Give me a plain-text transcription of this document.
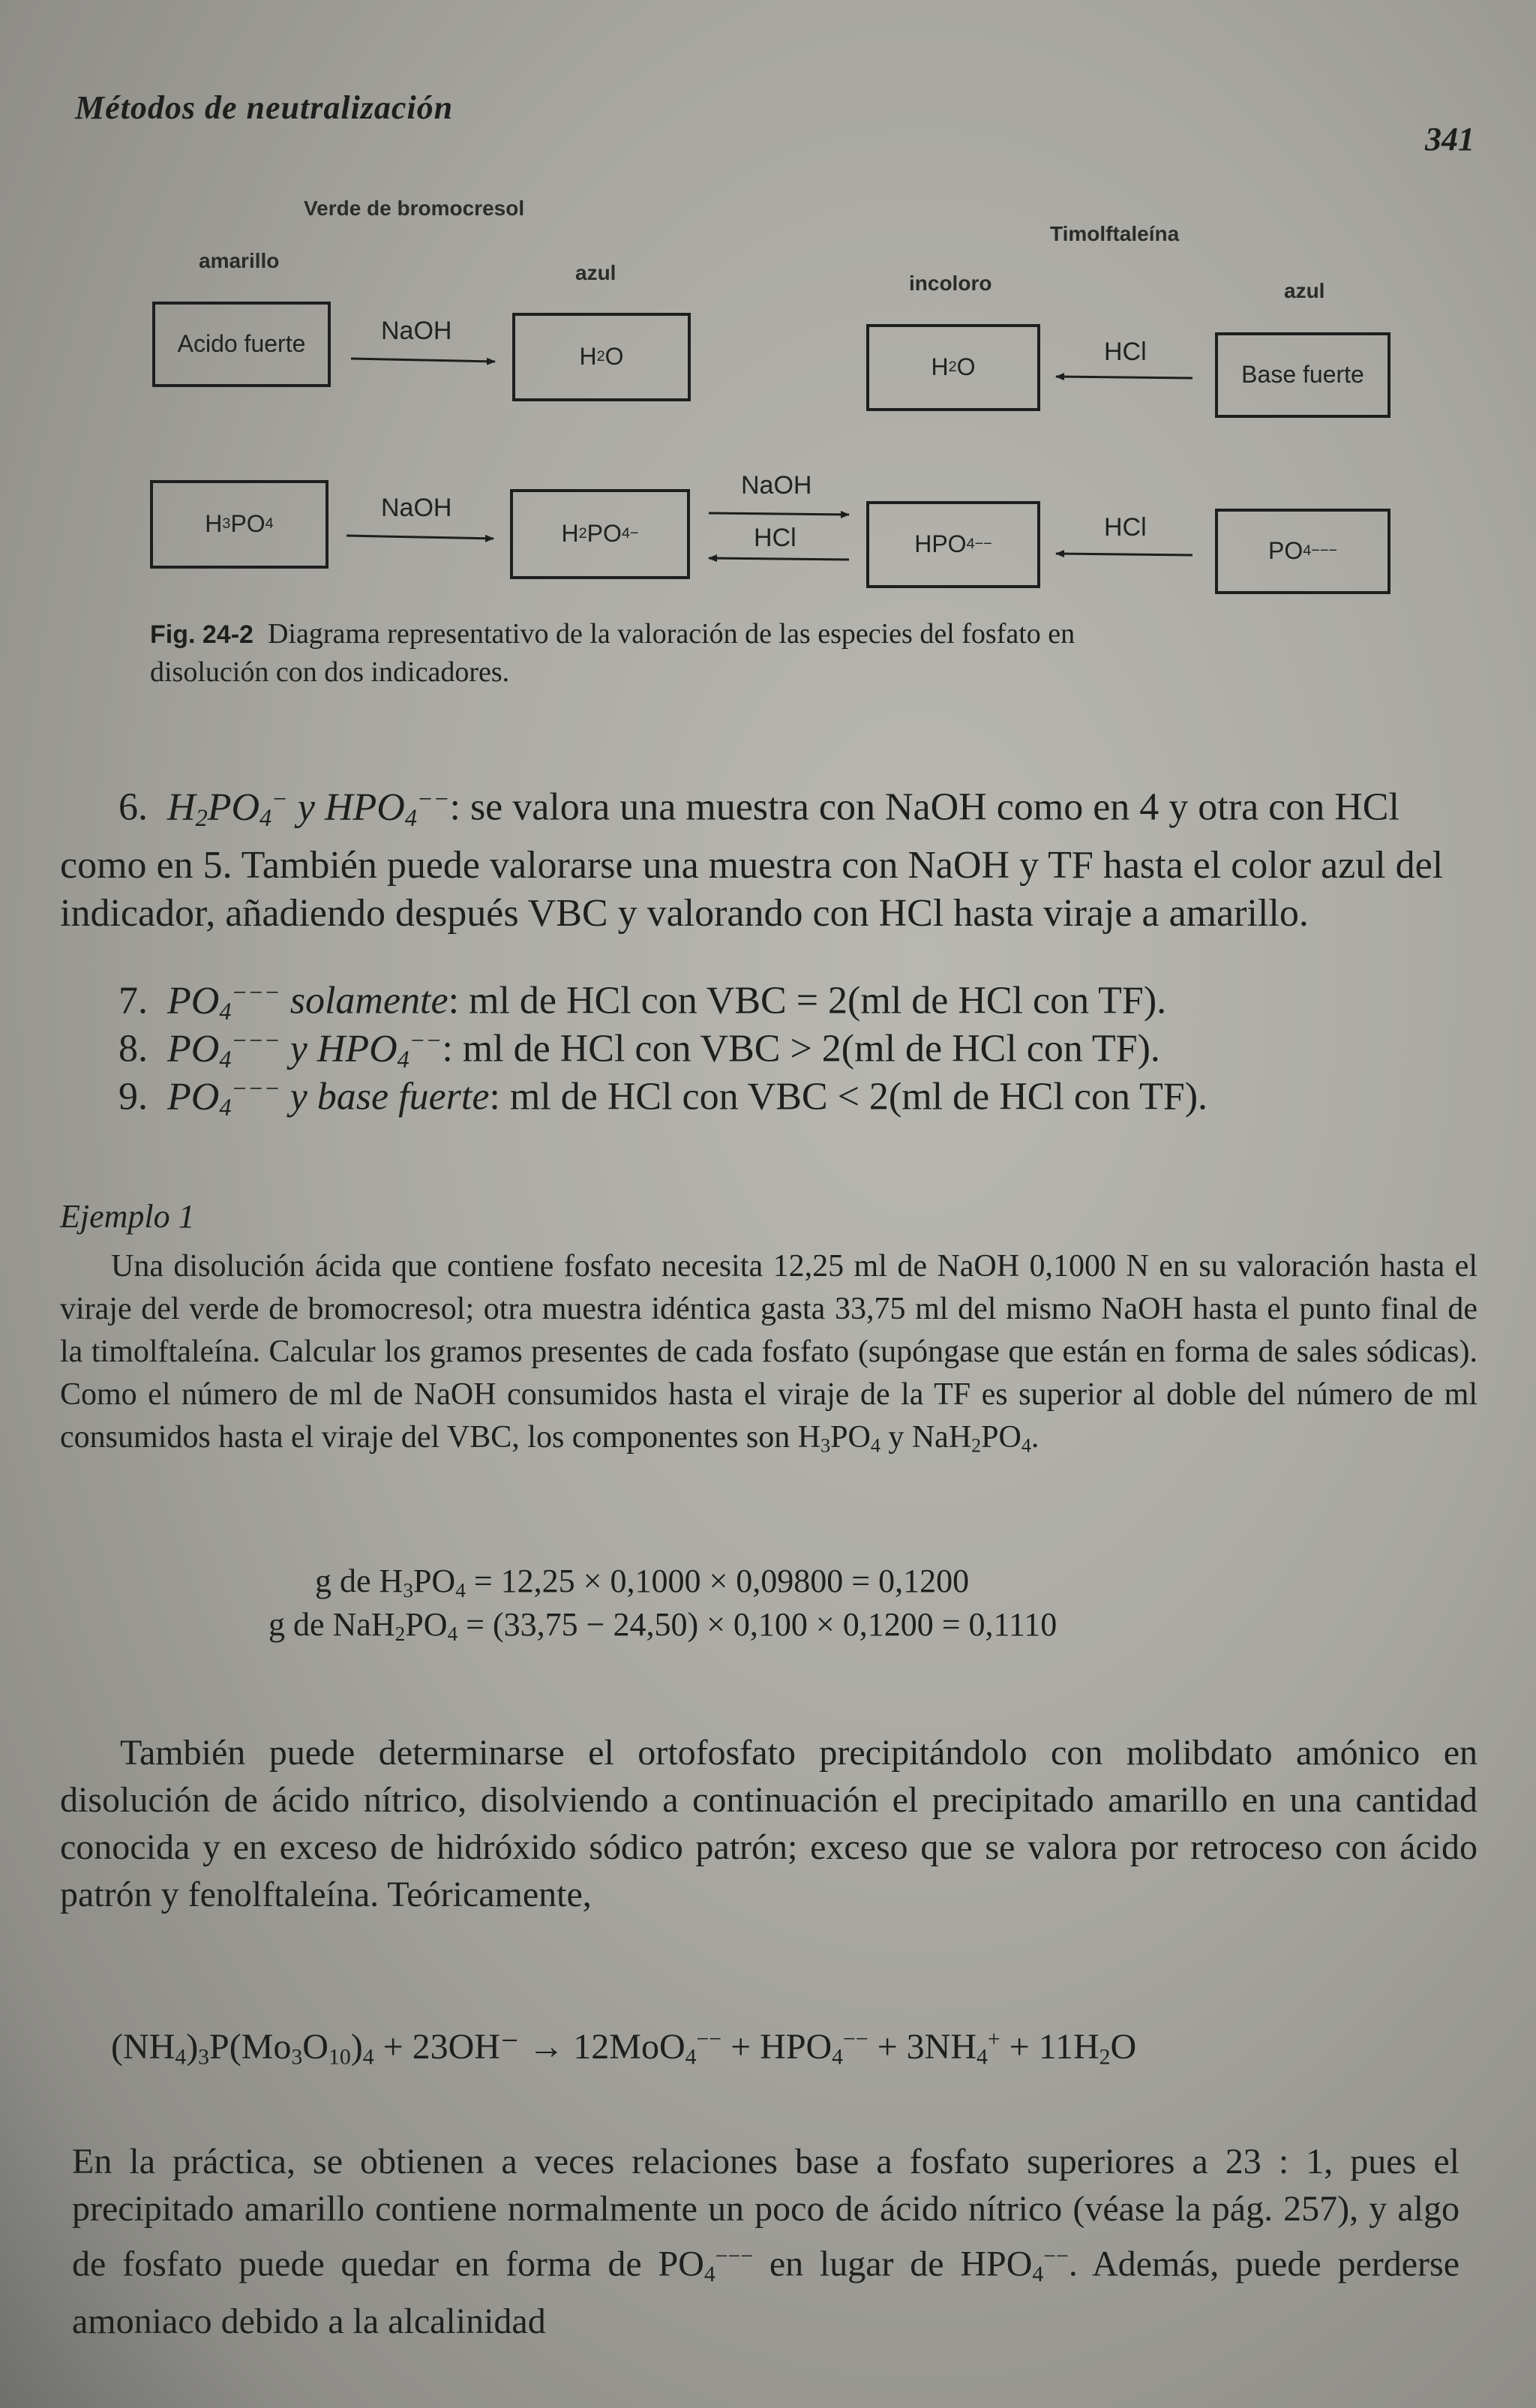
Métodos de neutralización
341
Verde de bromocresol
Timolftaleína
amarillo
azul	incoloro	azul
Acido fuerte	H 2 O	H 2 O	Base fuerte
H 3 PO 4	H 2 PO 4 −	HPO 4 −−	PO 4 −−−
NaOH
HCl
NaOH
NaOH
HCl	HCl
Fig. 24-2 Diagrama representativo de la valoración de las especies del fosfato en
disolución con dos indicadores.
6. $H_2PO_4^-$ y $HPO_4^{--}$: se valora una muestra con NaOH como en 4 y otra con HCl como en 5. También puede valorarse una muestra con NaOH y TF hasta el color azul del indicador, añadiendo después VBC y valorando con HCl hasta viraje a amarillo.
7. $PO_4^{---}$ solamente: ml de HCl con VBC = 2(ml de HCl con TF).
8. $PO_4^{---}$ y $HPO_4^{--}$: ml de HCl con VBC > 2(ml de HCl con TF).
9. $PO_4^{---}$ y base fuerte: ml de HCl con VBC < 2(ml de HCl con TF).
Ejemplo 1
Una disolución ácida que contiene fosfato necesita 12,25 ml de NaOH 0,1000 N en su valoración hasta el viraje del verde de bromocresol; otra muestra idéntica gasta 33,75 ml del mismo NaOH hasta el punto final de la timolftaleína. Calcular los gramos presentes de cada fosfato (supóngase que están en forma de sales sódicas). Como el número de ml de NaOH consumidos hasta el viraje de la TF es superior al doble del número de ml consumidos hasta el viraje del VBC, los componentes son $H_3PO_4$ y $NaH_2PO_4$.
g de $H_3PO_4 = 12,25 \times 0,1000 \times 0,09800 = 0,1200$
g de $NaH_2PO_4 = (33,75 - 24,50) \times 0,100 \times 0,1200 = 0,1110$
También puede determinarse el ortofosfato precipitándolo con molibdato amónico en disolución de ácido nítrico, disolviendo a continuación el precipitado amarillo en una cantidad conocida y en exceso de hidróxido sódico patrón; exceso que se valora por retroceso con ácido patrón y fenolftaleína. Teóricamente,
$(NH_4)_3P(Mo_3O_{10})_4 + 23OH^- \to 12MoO_4^{--} + HPO_4^{--} + 3NH_4^+ + 11H_2O$
En la práctica, se obtienen a veces relaciones base a fosfato superiores a 23 : 1, pues el precipitado amarillo contiene normalmente un poco de ácido nítrico (véase la pág. 257), y algo de fosfato puede quedar en forma de $PO_4^{---}$ en lugar de $HPO_4^{--}$. Además, puede perderse amoniaco debido a la alcalinidad
